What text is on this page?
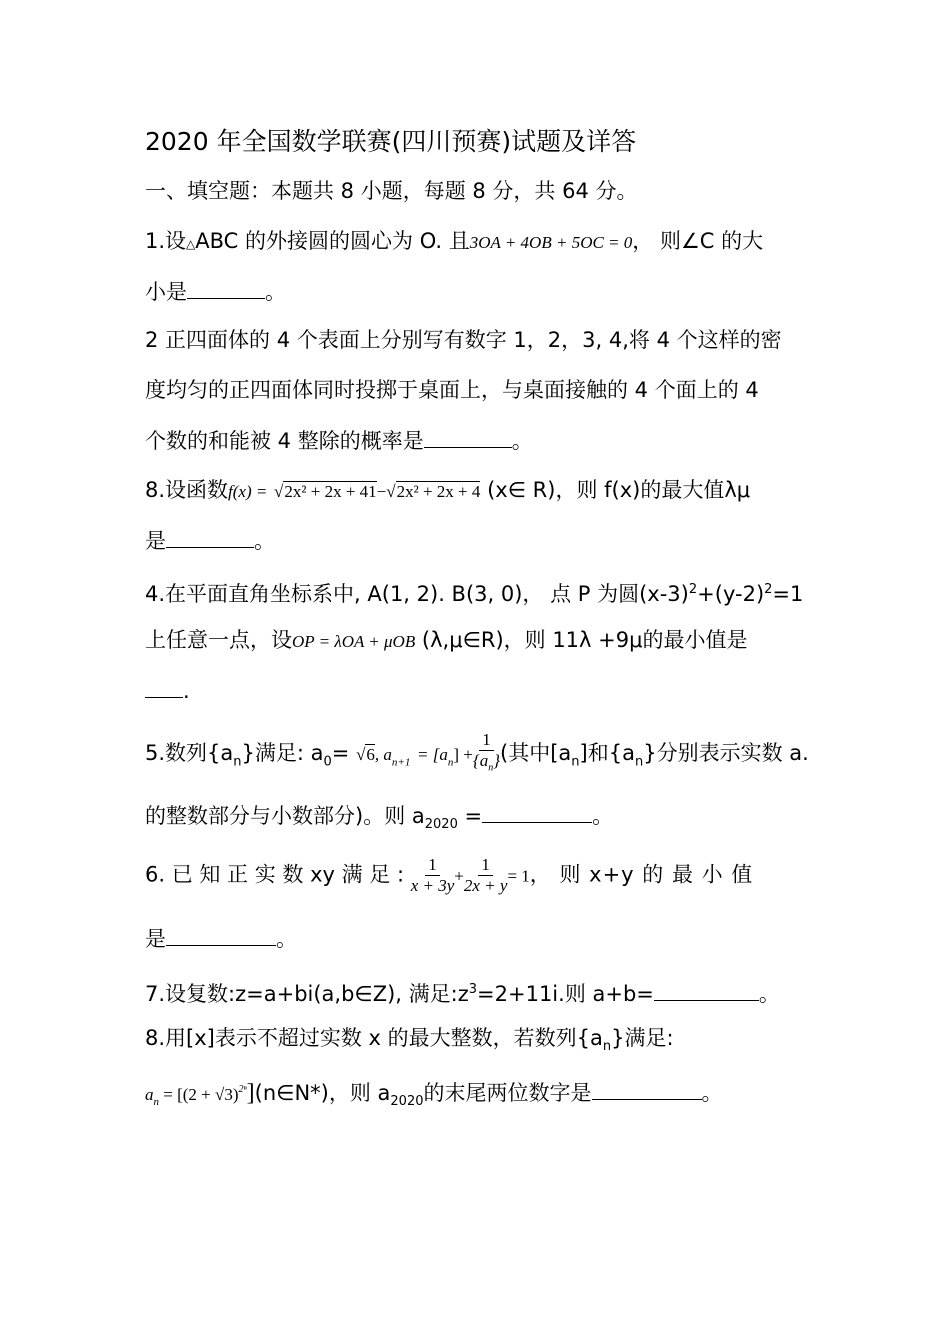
2020 年全国数学联赛(四川预赛)试题及详答
一、填空题：本题共 8 小题，每题 8 分，共 64 分。
1.设△ABC 的外接圆的圆心为 O. 且3OA + 4OB + 5OC = 0， 则∠C 的大
小是	。
2 正四面体的 4 个表面上分别写有数字 1，2，3, 4,将 4 个这样的密
度均匀的正四面体同时投掷于桌面上，与桌面接触的 4 个面上的 4
个数的和能被 4 整除的概率是	。
8.设函数f(x) = √2x² + 2x + 41−√2x² + 2x + 4 (x∈ R)，则 f(x)的最大值λμ
是	。
4.在平面直角坐标系中, A(1, 2). B(3, 0)， 点 P 为圆$(x-3)^2+(y-2)^2=1$
上任意一点，设OP = λOA + μOB (λ,μ∈R)，则 11λ +9μ的最小值是
.
5.数列$\{a_n\}$满足: $a_0= √6$, $a_{n+1} = [a_n] + \frac{1}{\{a_n\}}$ (其中$[a_n]$和$\{a_n\}$分别表示实数 a.
的整数部分与小数部分)。则 $a_{2020}$ =	。
6. 已 知 正 实 数 xy 满 足 : $\frac{1}{x + 3y} + \frac{1}{2x + y} = 1$， 则 x+y 的 最 小 值
是	。
7.设复数:z=a+bi(a,b∈Z), 满足$:z^3=2+11i$.则 a+b=	。
8.用[x]表示不超过实数 x 的最大整数，若数列$\{a_n\}$满足:
$a_n = [(2$ + $√3)^{2^n}](n\in N*)$，则 $a_{2020}$的末尾两位数字是	。
